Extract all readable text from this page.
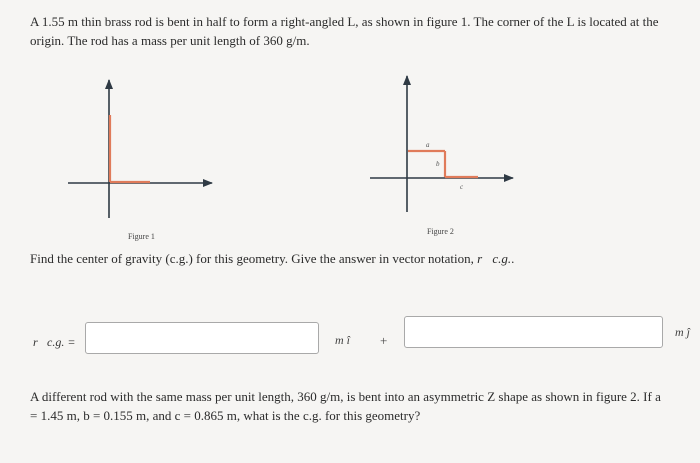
A 1.55 m thin brass rod is bent in half to form a right-angled L, as shown in figure 1. The corner of the L is located at the origin. The rod has a mass per unit length of 360 g/m.
a
b
c
Figure 1
Figure 2
Find the center of gravity (c.g.) for this geometry. Give the answer in vector notation, r⃗c.g..
r⃗c.g. =	m î +
m ĵ
A different rod with the same mass per unit length, 360 g/m, is bent into an asymmetric Z shape as shown in figure 2. If a = 1.45 m, b = 0.155 m, and c = 0.865 m, what is the c.g. for this geometry?
